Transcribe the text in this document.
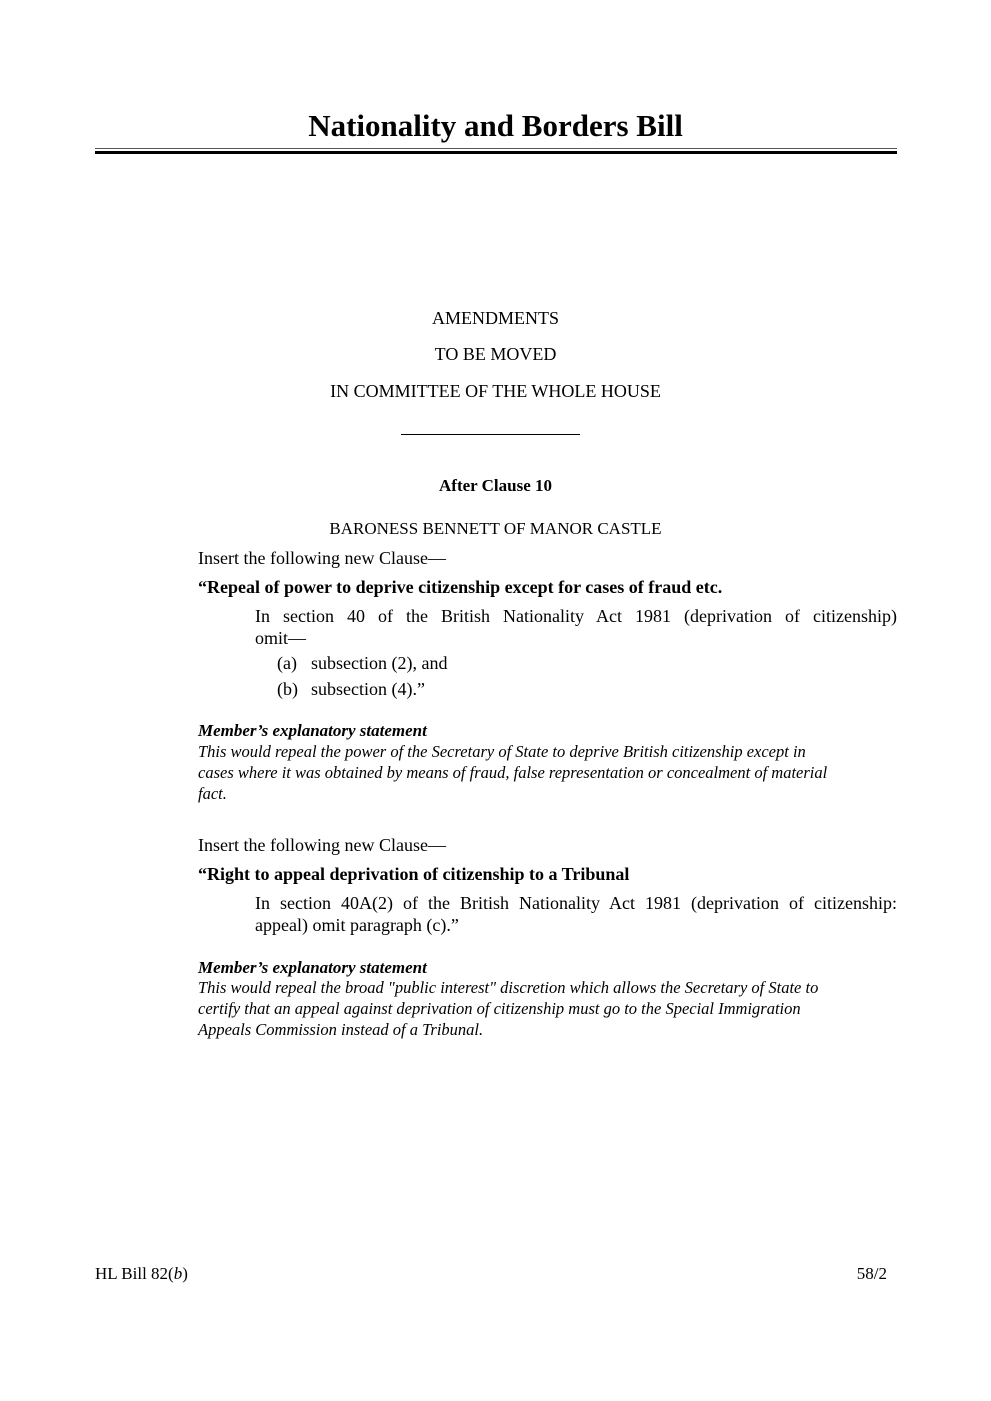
Nationality and Borders Bill
AMENDMENTS
TO BE MOVED
IN COMMITTEE OF THE WHOLE HOUSE
After Clause 10
BARONESS BENNETT OF MANOR CASTLE
Insert the following new Clause—
“Repeal of power to deprive citizenship except for cases of fraud etc.
In section 40 of the British Nationality Act 1981 (deprivation of citizenship)
omit—
(a) subsection (2), and
(b) subsection (4).”
Member’s explanatory statement
This would repeal the power of the Secretary of State to deprive British citizenship except in
cases where it was obtained by means of fraud, false representation or concealment of material
fact.
Insert the following new Clause—
“Right to appeal deprivation of citizenship to a Tribunal
In section 40A(2) of the British Nationality Act 1981 (deprivation of citizenship:
appeal) omit paragraph (c).”
Member’s explanatory statement
This would repeal the broad "public interest" discretion which allows the Secretary of State to
certify that an appeal against deprivation of citizenship must go to the Special Immigration
Appeals Commission instead of a Tribunal.
HL Bill 82(b)	58/2
